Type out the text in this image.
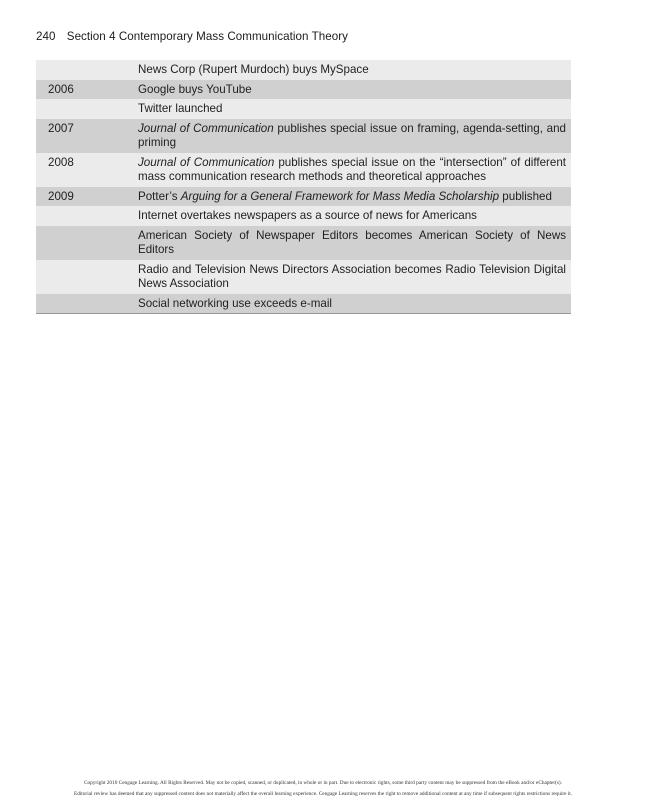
240 Section 4 Contemporary Mass Communication Theory
	News Corp (Rupert Murdoch) buys MySpace
2006	Google buys YouTube
	Twitter launched
2007	Journal of Communication publishes special issue on framing, agenda-setting, and priming
2008	Journal of Communication publishes special issue on the “intersection” of different mass communication research methods and theoretical approaches
2009	Potter’s Arguing for a General Framework for Mass Media Scholarship published
	Internet overtakes newspapers as a source of news for Americans
	American Society of Newspaper Editors becomes American Society of News Editors
	Radio and Television News Directors Association becomes Radio Television Digital News Association
	Social networking use exceeds e-mail
Copyright 2010 Cengage Learning. All Rights Reserved. May not be copied, scanned, or duplicated, in whole or in part. Due to electronic rights, some third party content may be suppressed from the eBook and/or eChapter(s).
Editorial review has deemed that any suppressed content does not materially affect the overall learning experience. Cengage Learning reserves the right to remove additional content at any time if subsequent rights restrictions require it.
